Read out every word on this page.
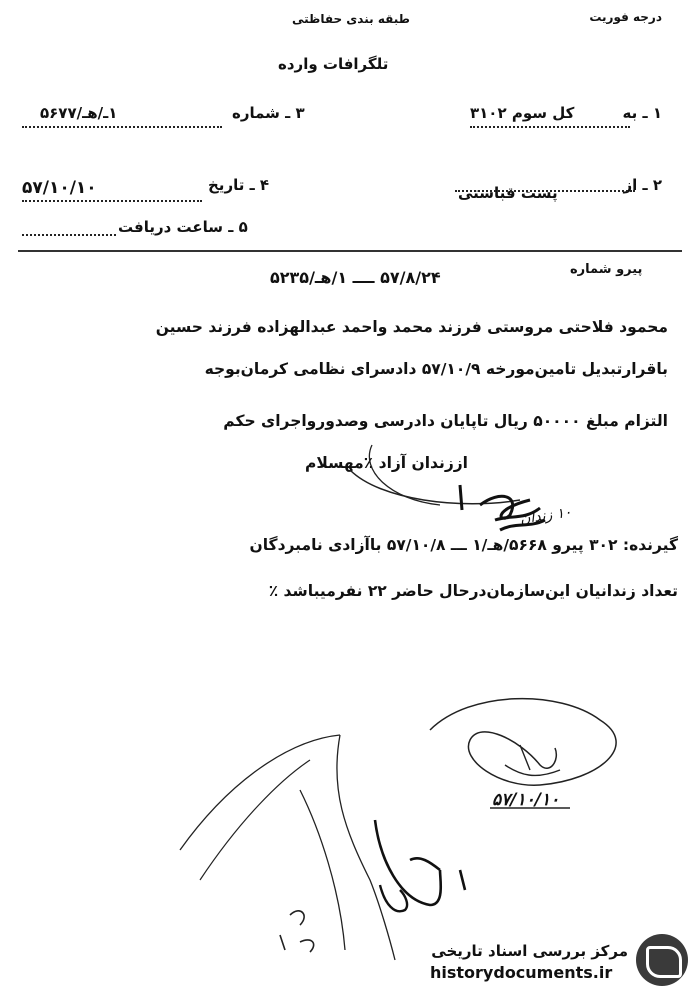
درجه فوریت
طبقه بندی حفاظتی
تلگرافات وارده
۱ ـ به
کل سوم ۳۱۰۲
۳ ـ شماره
۱ـ/هـ/۵۶۷۷
۲ ـ از
پست قباستی
۴ ـ تاریخ
۵۷/۱۰/۱۰
۵ ـ ساعت دریافت
پیرو شماره
۵۷/۸/۲۴ ــــ ۱/هـ/۵۲۳۵
محمود فلاحتی مروستی فرزند محمد واحمد عبدالهزاده فرزند حسین
باقرارتبدیل تامین‌مورخه ۵۷/۱۰/۹ دادسرای نظامی کرمان‌بوجه
التزام مبلغ ۵۰۰۰۰ ریال تاپایان دادرسی وصدورواجرای حکم
اززندان آزاد ٪مهسلام
۱۰ زندان
گیرنده: ۳۰۲ پیرو ۵۶۶۸/هـ/۱ ـــ ۵۷/۱۰/۸ باآزادی نامبردگان
تعداد زندانیان این‌سازمان‌درحال حاضر ۲۲ نفرمیباشد ٪
۵۷/۱۰/۱۰
مرکز بررسی اسناد تاریخی
historydocuments.ir
